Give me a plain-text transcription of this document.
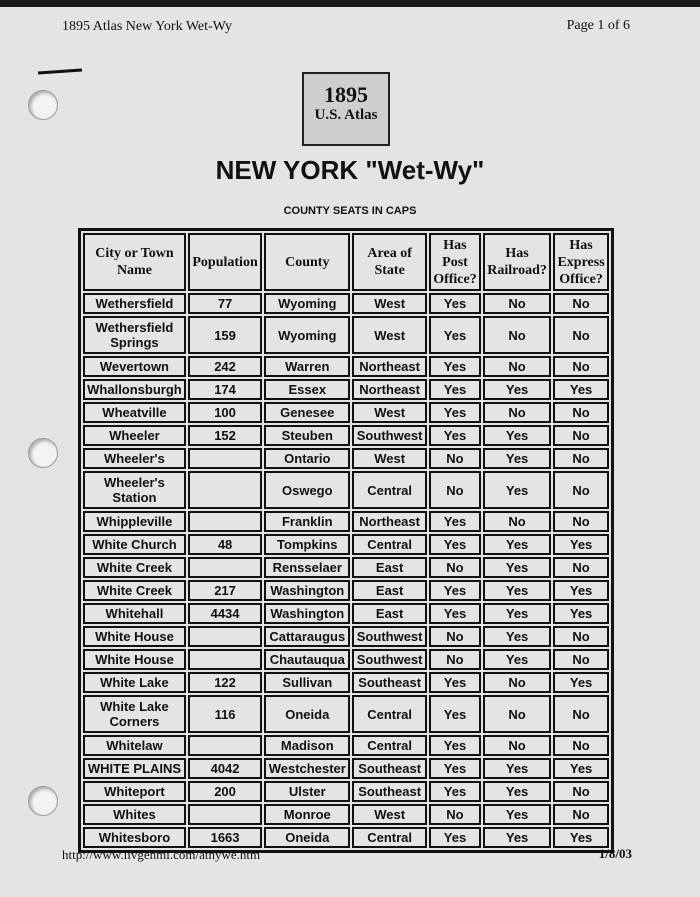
1895 Atlas New York Wet-Wy	Page 1 of 6
1895
U.S. Atlas
NEW YORK "Wet-Wy"
COUNTY SEATS IN CAPS
City or Town Name	Population	County	Area of State	Has Post Office?	Has Railroad?	Has Express Office?
Wethersfield	77	Wyoming	West	Yes	No	No
Wethersfield Springs	159	Wyoming	West	Yes	No	No
Wevertown	242	Warren	Northeast	Yes	No	No
Whallonsburgh	174	Essex	Northeast	Yes	Yes	Yes
Wheatville	100	Genesee	West	Yes	No	No
Wheeler	152	Steuben	Southwest	Yes	Yes	No
Wheeler's		Ontario	West	No	Yes	No
Wheeler's Station		Oswego	Central	No	Yes	No
Whippleville		Franklin	Northeast	Yes	No	No
White Church	48	Tompkins	Central	Yes	Yes	Yes
White Creek		Rensselaer	East	No	Yes	No
White Creek	217	Washington	East	Yes	Yes	Yes
Whitehall	4434	Washington	East	Yes	Yes	Yes
White House		Cattaraugus	Southwest	No	Yes	No
White House		Chautauqua	Southwest	No	Yes	No
White Lake	122	Sullivan	Southeast	Yes	No	Yes
White Lake Corners	116	Oneida	Central	Yes	No	No
Whitelaw		Madison	Central	Yes	No	No
WHITE PLAINS	4042	Westchester	Southeast	Yes	Yes	Yes
Whiteport	200	Ulster	Southeast	Yes	Yes	No
Whites		Monroe	West	No	Yes	No
Whitesboro	1663	Oneida	Central	Yes	Yes	Yes
http://www.livgenmi.com/atnywe.htm	1/8/03
